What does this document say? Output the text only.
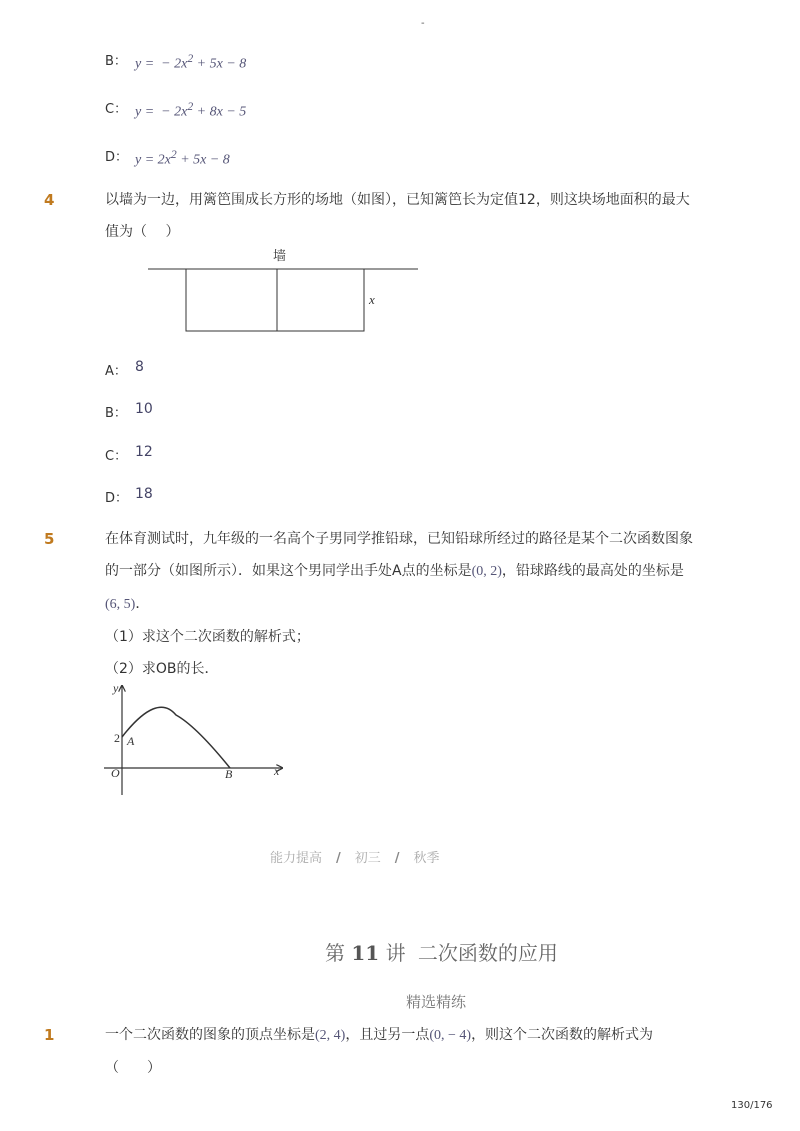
-
B： y =  − $2x^2 + 5x - 8$
C： y =  − $2x^2 + 8x - 5$
D： $y = 2x^2 + 5x - 8$
4	以墙为一边，用篱笆围成长方形的场地（如图），已知篱笆长为定值12，则这块场地面积的最大
值为（　 ）
墙
x
A： 8
B： 10
C： 12
D： 18
5	在体育测试时，九年级的一名高个子男同学推铅球，已知铅球所经过的路径是某个二次函数图象
的一部分（如图所示）．如果这个男同学出手处A点的坐标是(0, 2)，铅球路线的最高处的坐标是
(6, 5)．
（1）求这个二次函数的解析式；
（2）求OB的长．
y
x
O
2 A
B
能力提高 / 初三 / 秋季
第 11 讲 二次函数的应用
精选精练
1	一个二次函数的图象的顶点坐标是(2, 4)，且过另一点(0, − 4)，则这个二次函数的解析式为
（　　）
130/176
